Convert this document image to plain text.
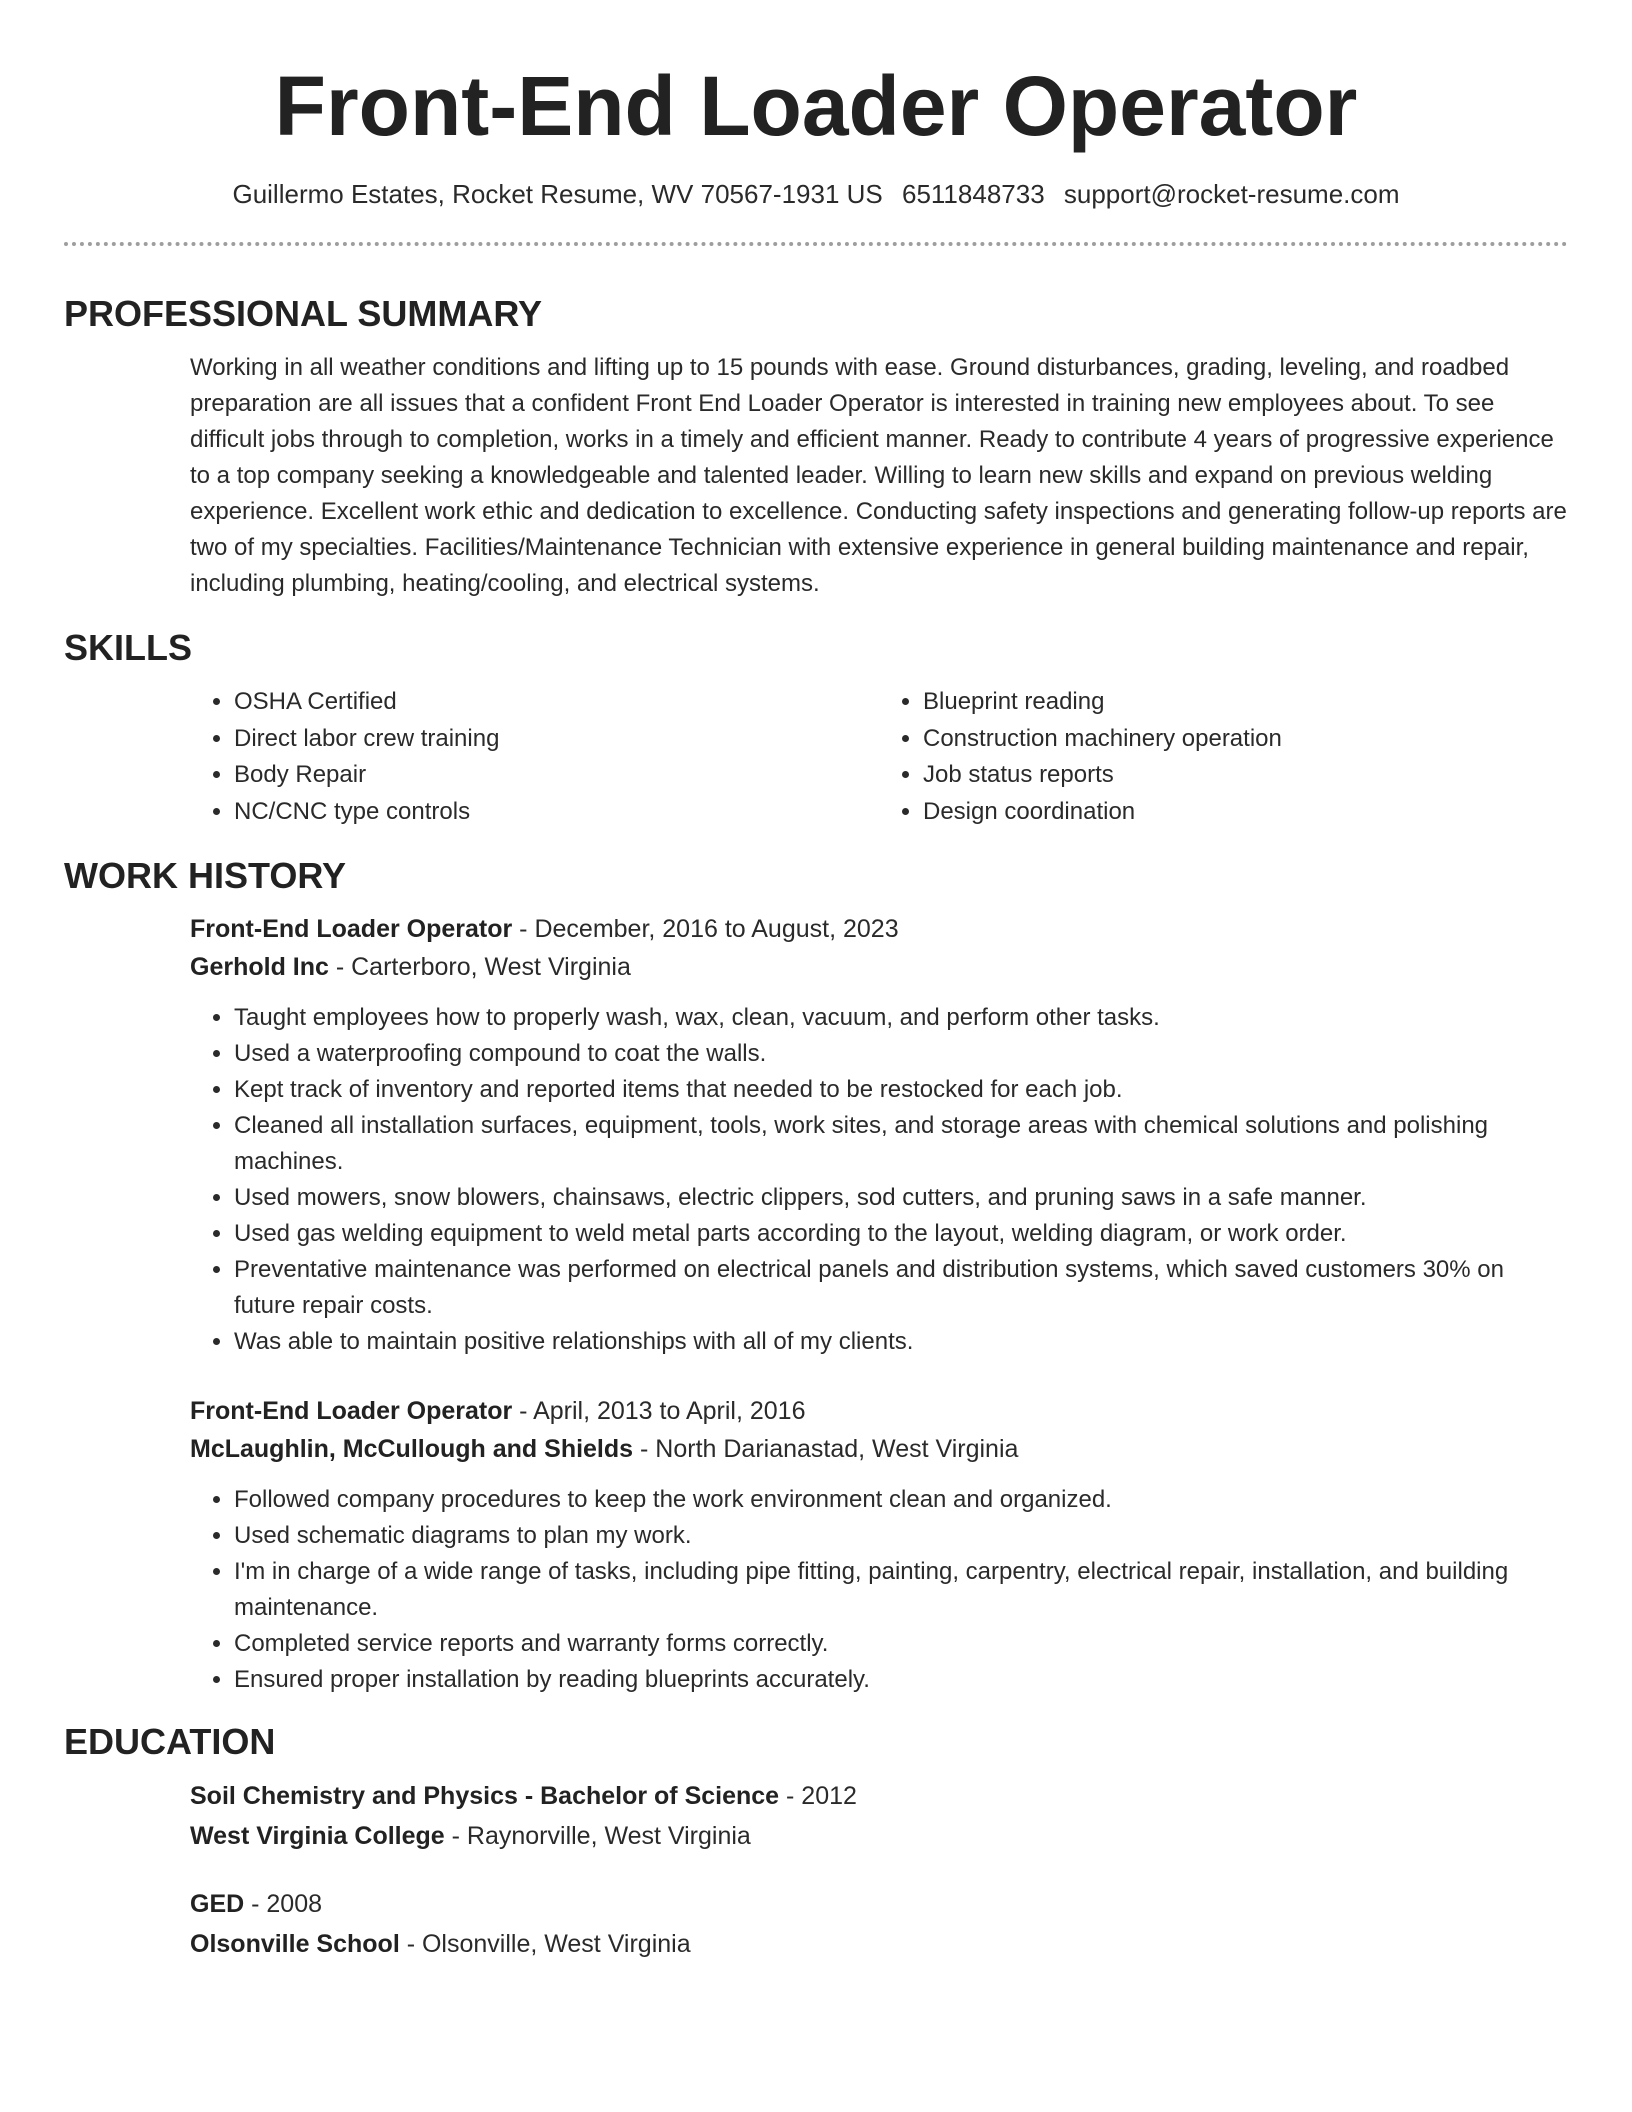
Front-End Loader Operator
Guillermo Estates, Rocket Resume, WV 70567-1931 US 6511848733 support@rocket-resume.com
PROFESSIONAL SUMMARY

Working in all weather conditions and lifting up to 15 pounds with ease. Ground disturbances, grading, leveling, and roadbed preparation are all issues that a confident Front End Loader Operator is interested in training new employees about. To see difficult jobs through to completion, works in a timely and efficient manner. Ready to contribute 4 years of progressive experience to a top company seeking a knowledgeable and talented leader. Willing to learn new skills and expand on previous welding experience. Excellent work ethic and dedication to excellence. Conducting safety inspections and generating follow-up reports are two of my specialties. Facilities/Maintenance Technician with extensive experience in general building maintenance and repair, including plumbing, heating/cooling, and electrical systems.

SKILLS
• OSHA Certified
• Direct labor crew training
• Body Repair
• NC/CNC type controls
• Blueprint reading
• Construction machinery operation
• Job status reports
• Design coordination
WORK HISTORY
Front-End Loader Operator - December, 2016 to August, 2023
Gerhold Inc - Carterboro, West Virginia
• Taught employees how to properly wash, wax, clean, vacuum, and perform other tasks.
• Used a waterproofing compound to coat the walls.
• Kept track of inventory and reported items that needed to be restocked for each job.
• Cleaned all installation surfaces, equipment, tools, work sites, and storage areas with chemical solutions and polishing machines.
• Used mowers, snow blowers, chainsaws, electric clippers, sod cutters, and pruning saws in a safe manner.
• Used gas welding equipment to weld metal parts according to the layout, welding diagram, or work order.
• Preventative maintenance was performed on electrical panels and distribution systems, which saved customers 30% on future repair costs.
• Was able to maintain positive relationships with all of my clients.
Front-End Loader Operator - April, 2013 to April, 2016
McLaughlin, McCullough and Shields - North Darianastad, West Virginia
• Followed company procedures to keep the work environment clean and organized.
• Used schematic diagrams to plan my work.
• I'm in charge of a wide range of tasks, including pipe fitting, painting, carpentry, electrical repair, installation, and building maintenance.
• Completed service reports and warranty forms correctly.
• Ensured proper installation by reading blueprints accurately.
EDUCATION
Soil Chemistry and Physics - Bachelor of Science - 2012
West Virginia College - Raynorville, West Virginia
GED - 2008
Olsonville School - Olsonville, West Virginia
